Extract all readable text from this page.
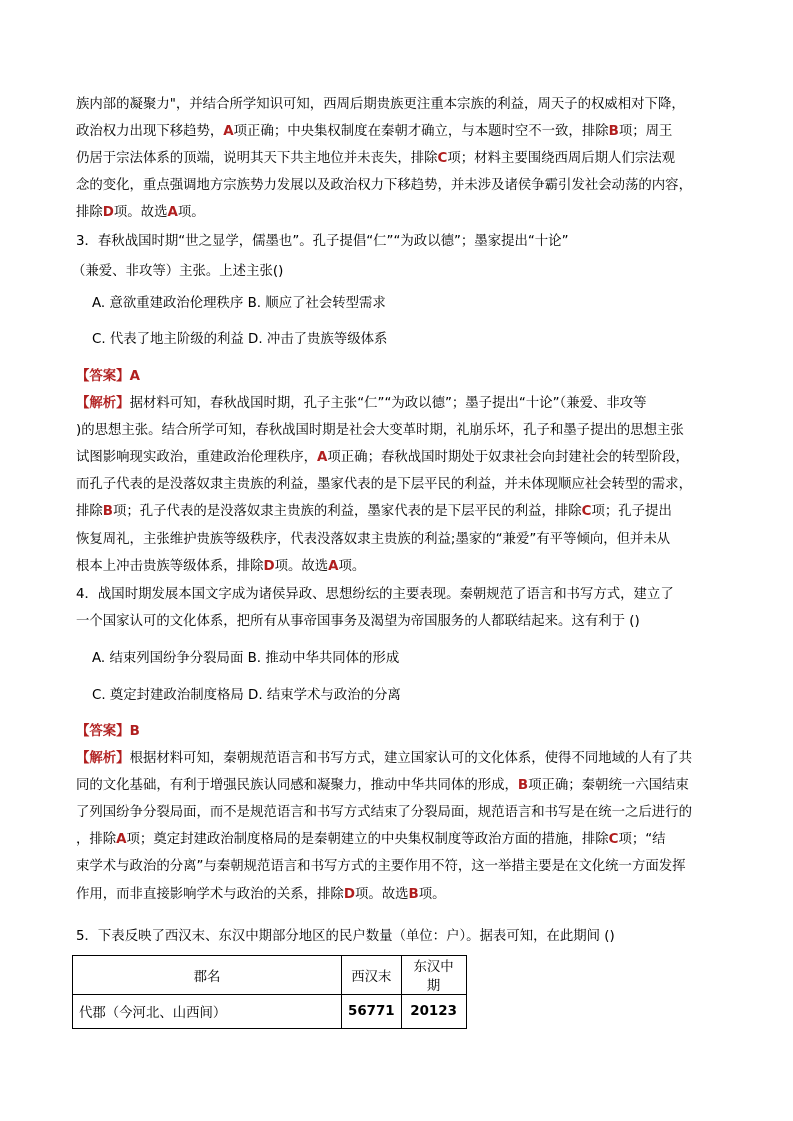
族内部的凝聚力"，并结合所学知识可知，西周后期贵族更注重本宗族的利益，周天子的权威相对下降，
政治权力出现下移趋势，A项正确；中央集权制度在秦朝才确立，与本题时空不一致，排除B项；周王
仍居于宗法体系的顶端，说明其天下共主地位并未丧失，排除C项；材料主要围绕西周后期人们宗法观
念的变化，重点强调地方宗族势力发展以及政治权力下移趋势，并未涉及诸侯争霸引发社会动荡的内容，
排除D项。故选A项。
3．春秋战国时期“世之显学，儒墨也”。孔子提倡“仁”“为政以德”；墨家提出“十论”
（兼爱、非攻等）主张。上述主张()
A. 意欲重建政治伦理秩序 B. 顺应了社会转型需求
C. 代表了地主阶级的利益 D. 冲击了贵族等级体系
【答案】A
【解析】据材料可知，春秋战国时期，孔子主张“仁”“为政以德”；墨子提出“十论”（兼爱、非攻等
)的思想主张。结合所学可知，春秋战国时期是社会大变革时期，礼崩乐坏，孔子和墨子提出的思想主张
试图影响现实政治，重建政治伦理秩序，A项正确；春秋战国时期处于奴隶社会向封建社会的转型阶段，
而孔子代表的是没落奴隶主贵族的利益，墨家代表的是下层平民的利益，并未体现顺应社会转型的需求，
排除B项；孔子代表的是没落奴隶主贵族的利益，墨家代表的是下层平民的利益，排除C项；孔子提出
恢复周礼，主张维护贵族等级秩序，代表没落奴隶主贵族的利益;墨家的“兼爱”有平等倾向，但并未从
根本上冲击贵族等级体系，排除D项。故选A项。
4．战国时期发展本国文字成为诸侯异政、思想纷纭的主要表现。秦朝规范了语言和书写方式，建立了
一个国家认可的文化体系，把所有从事帝国事务及渴望为帝国服务的人都联结起来。这有利于 ()
A. 结束列国纷争分裂局面 B. 推动中华共同体的形成
C. 奠定封建政治制度格局 D. 结束学术与政治的分离
【答案】B
【解析】根据材料可知，秦朝规范语言和书写方式，建立国家认可的文化体系，使得不同地域的人有了共
同的文化基础，有利于增强民族认同感和凝聚力，推动中华共同体的形成，B项正确；秦朝统一六国结束
了列国纷争分裂局面，而不是规范语言和书写方式结束了分裂局面，规范语言和书写是在统一之后进行的
，排除A项；奠定封建政治制度格局的是秦朝建立的中央集权制度等政治方面的措施，排除C项；“结
束学术与政治的分离”与秦朝规范语言和书写方式的主要作用不符，这一举措主要是在文化统一方面发挥
作用，而非直接影响学术与政治的关系，排除D项。故选B项。
5．下表反映了西汉末、东汉中期部分地区的民户数量（单位：户）。据表可知，在此期间 ()
郡名	西汉末	东汉中期
代郡（今河北、山西间）	56771	20123
